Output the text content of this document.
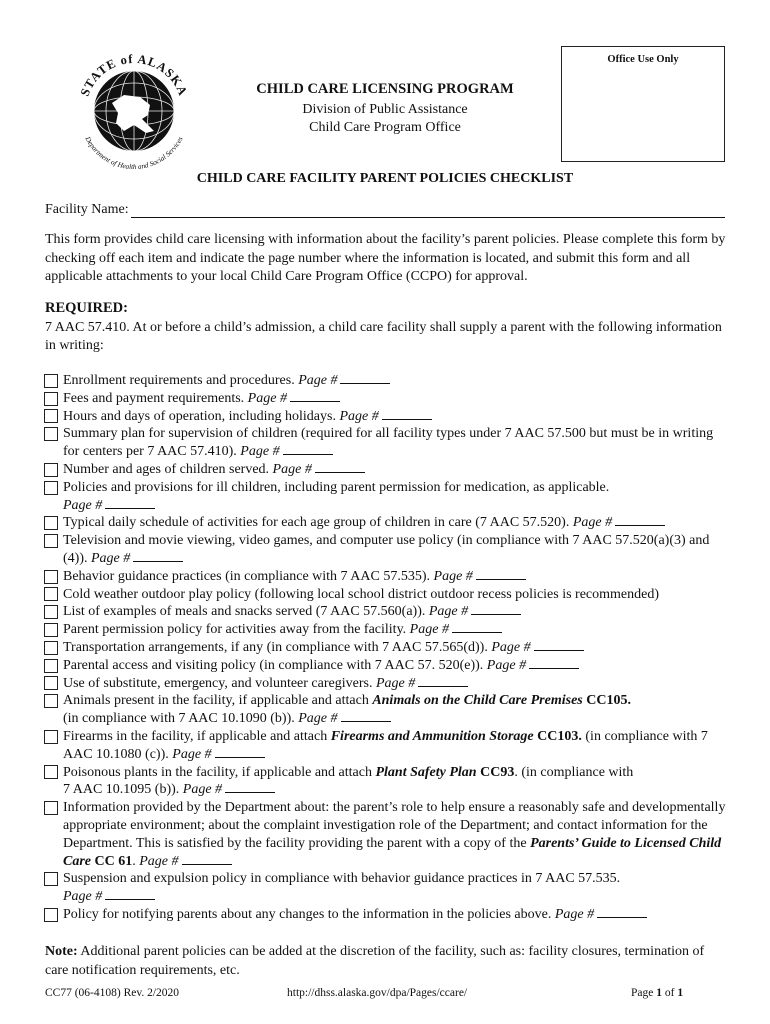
STATE of ALASKA
Department of Health and Social Services
Office Use Only
CHILD CARE LICENSING PROGRAM
Division of Public Assistance
Child Care Program Office
CHILD CARE FACILITY PARENT POLICIES CHECKLIST
Facility Name:
This form provides child care licensing with information about the facility’s parent policies. Please complete this form by checking off each item and indicate the page number where the information is located, and submit this form and all applicable attachments to your local Child Care Program Office (CCPO) for approval.
REQUIRED:
7 AAC 57.410. At or before a child’s admission, a child care facility shall supply a parent with the following information in writing:
Enrollment requirements and procedures. Page #
Fees and payment requirements. Page #
Hours and days of operation, including holidays. Page #
Summary plan for supervision of children (required for all facility types under 7 AAC 57.500 but must be in writing for centers per 7 AAC 57.410). Page #
Number and ages of children served. Page #
Policies and provisions for ill children, including parent permission for medication, as applicable.
Page #
Typical daily schedule of activities for each age group of children in care (7 AAC 57.520). Page #
Television and movie viewing, video games, and computer use policy (in compliance with 7 AAC 57.520(a)(3) and (4)). Page #
Behavior guidance practices (in compliance with 7 AAC 57.535). Page #
Cold weather outdoor play policy (following local school district outdoor recess policies is recommended)
List of examples of meals and snacks served (7 AAC 57.560(a)). Page #
Parent permission policy for activities away from the facility. Page #
Transportation arrangements, if any (in compliance with 7 AAC 57.565(d)). Page #
Parental access and visiting policy (in compliance with 7 AAC 57. 520(e)). Page #
Use of substitute, emergency, and volunteer caregivers. Page #
Animals present in the facility, if applicable and attach Animals on the Child Care Premises CC105.
(in compliance with 7 AAC 10.1090 (b)). Page #
Firearms in the facility, if applicable and attach Firearms and Ammunition Storage CC103. (in compliance with 7 AAC 10.1080 (c)). Page #
Poisonous plants in the facility, if applicable and attach Plant Safety Plan CC93. (in compliance with
7 AAC 10.1095 (b)). Page #
Information provided by the Department about: the parent’s role to help ensure a reasonably safe and developmentally appropriate environment; about the complaint investigation role of the Department; and contact information for the Department. This is satisfied by the facility providing the parent with a copy of the Parents’ Guide to Licensed Child Care CC 61. Page #
Suspension and expulsion policy in compliance with behavior guidance practices in 7 AAC 57.535.
Page #
Policy for notifying parents about any changes to the information in the policies above. Page #
Note: Additional parent policies can be added at the discretion of the facility, such as: facility closures, termination of care notification requirements, etc.
CC77 (06-4108) Rev. 2/2020	http://dhss.alaska.gov/dpa/Pages/ccare/	Page 1 of 1
